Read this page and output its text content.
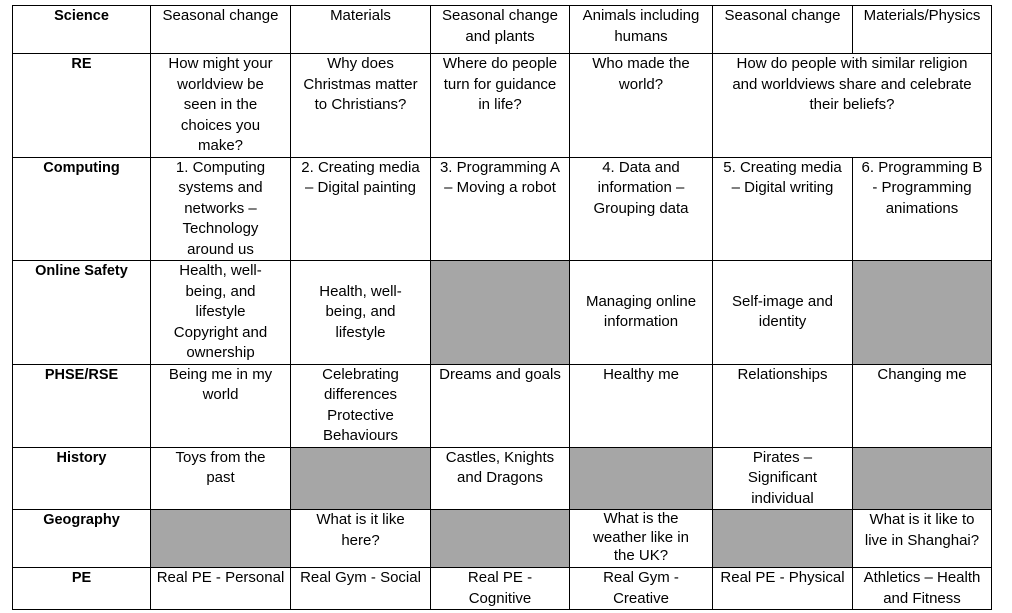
Science	Seasonal change	Materials	Seasonal change
and plants	Animals including
humans	Seasonal change	Materials/Physics

RE	How might your
worldview be
seen in the
choices you
make?	Why does
Christmas matter
to Christians?	Where do people
turn for guidance
in life?	Who made the
world?	How do people with similar religion
and worldviews share and celebrate
their beliefs?	

Computing	1. Computing
systems and
networks –
Technology
around us	2. Creating media
– Digital painting	3. Programming A
– Moving a robot	4. Data and
information –
Grouping data	5. Creating media
– Digital writing	6. Programming B
- Programming
animations

Online Safety	Health, well-
being, and
lifestyle
Copyright and
ownership	Health, well-
being, and
lifestyle		Managing online
information	Self-image and
identity	

PHSE/RSE	Being me in my
world	Celebrating
differences
Protective
Behaviours	Dreams and goals	Healthy me	Relationships	Changing me

History	Toys from the
past		Castles, Knights
and Dragons		Pirates –
Significant
individual	

Geography		What is it like
here?		What is the
weather like in
the UK?		What is it like to
live in Shanghai?

PE	Real PE - Personal	Real Gym - Social	Real PE -
Cognitive	Real Gym -
Creative	Real PE - Physical	Athletics – Health
and Fitness
